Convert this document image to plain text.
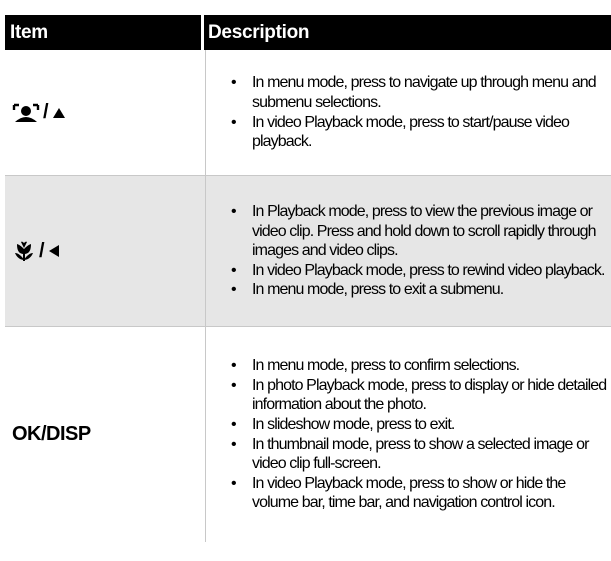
Item	Description
/
• In menu mode, press to navigate up through menu and submenu selections.
• In video Playback mode, press to start/pause video playback.
/
• In Playback mode, press to view the previous image or video clip. Press and hold down to scroll rapidly through images and video clips.
• In video Playback mode, press to rewind video playback.
• In menu mode, press to exit a submenu.
OK/DISP
• In menu mode, press to confirm selections.
• In photo Playback mode, press to display or hide detailed information about the photo.
• In slideshow mode, press to exit.
• In thumbnail mode, press to show a selected image or video clip full-screen.
• In video Playback mode, press to show or hide the volume bar, time bar, and navigation control icon.
